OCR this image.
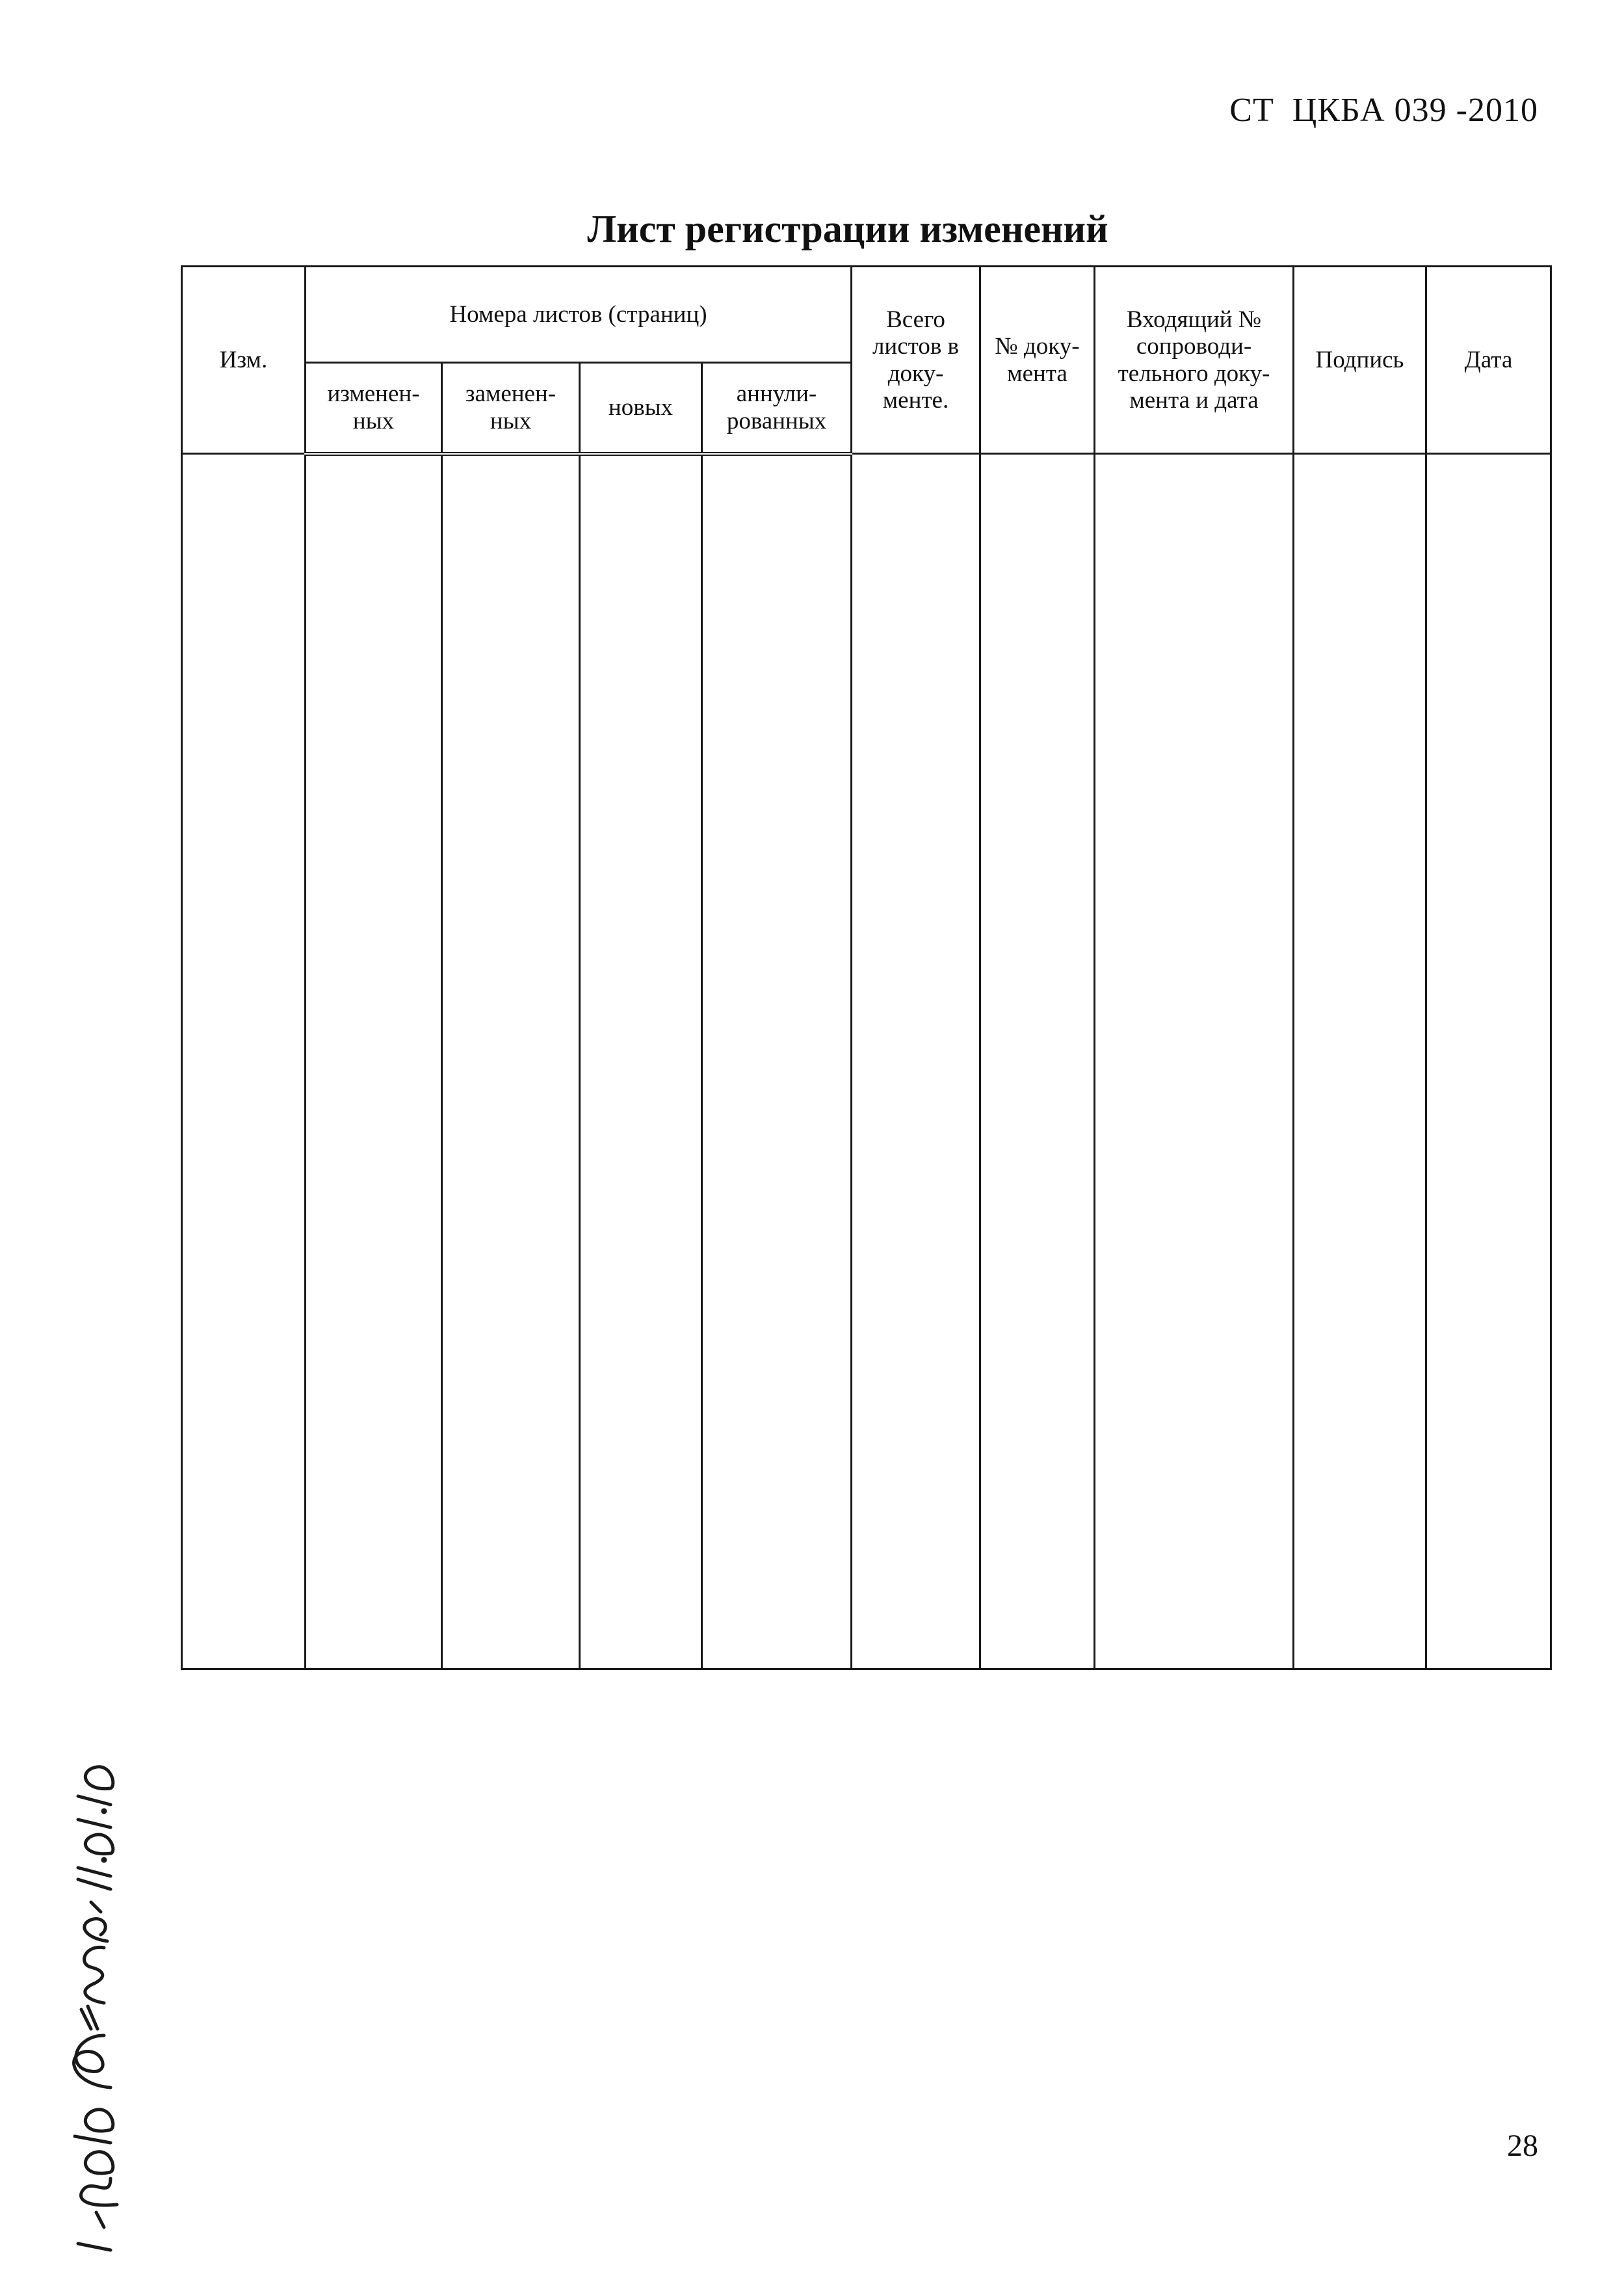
СТ  ЦКБА 039 -2010
Лист регистрации изменений
Изм.	Номера листов (страниц)				Всего листов в доку-менте.	№ доку-мента	Входящий № сопроводи-тельного доку-мента и дата	Подпись	Дата
	изменен-ных	заменен-ных	новых	аннули-рованных					

28
